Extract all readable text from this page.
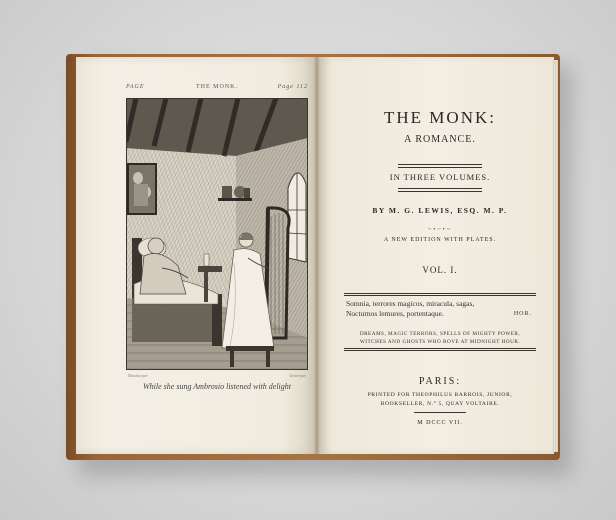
PAGE	THE MONK.	Page 112
Dessiné par	Gravé par
While she sung Ambrosio listened with delight
THE MONK:
A ROMANCE.
IN THREE VOLUMES.
BY M. G. LEWIS, ESQ. M. P.
~•~•~
A NEW EDITION WITH PLATES.
VOL. I.
Somnia, terrores magicos, miracula, sagas,
Nocturnos lemures, portentaque.	HOR.
DREAMS, MAGIC TERRORS, SPELLS OF MIGHTY POWER,
WITCHES AND GHOSTS WHO ROVE AT MIDNIGHT HOUR.
PARIS:
PRINTED FOR THEOPHILUS BARROIS, JUNIOR,
BOOKSELLER, N.° 5, QUAY VOLTAIRE.
M DCCC VII.
